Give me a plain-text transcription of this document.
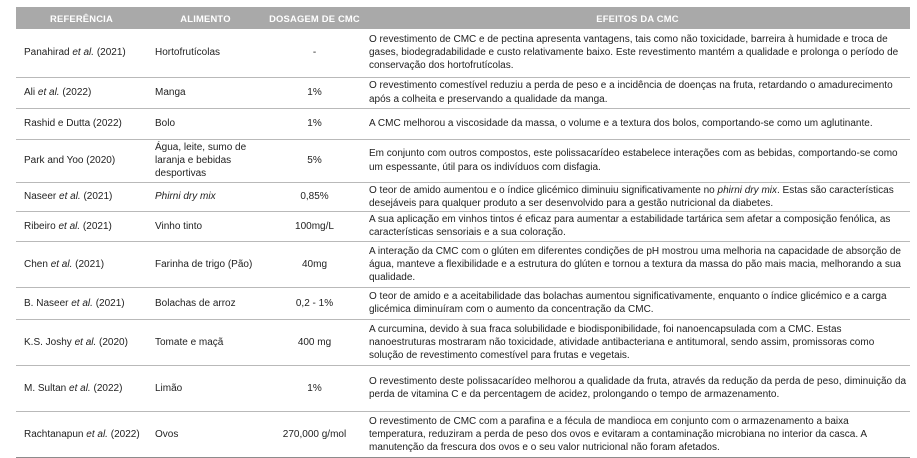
REFERÊNCIA	ALIMENTO	DOSAGEM DE CMC	EFEITOS DA CMC
Panahirad et al. (2021)	Hortofrutícolas	-	O revestimento de CMC e de pectina apresenta vantagens, tais como não toxicidade, barreira à humidade e troca de gases, biodegradabilidade e custo relativamente baixo. Este revestimento mantém a qualidade e prolonga o período de conservação dos hortofrutícolas.
Ali et al. (2022)	Manga	1%	O revestimento comestível reduziu a perda de peso e a incidência de doenças na fruta, retardando o amadurecimento após a colheita e preservando a qualidade da manga.
Rashid e Dutta (2022)	Bolo	1%	A CMC melhorou a viscosidade da massa, o volume e a textura dos bolos, comportando-se como um aglutinante.
Park and Yoo (2020)	Água, leite, sumo de laranja e bebidas desportivas	5%	Em conjunto com outros compostos, este polissacarídeo estabelece interações com as bebidas, comportando-se como um espessante, útil para os indivíduos com disfagia.
Naseer et al. (2021)	Phirni dry mix	0,85%	O teor de amido aumentou e o índice glicémico diminuiu significativamente no phirni dry mix. Estas são características desejáveis para qualquer produto a ser desenvolvido para a gestão nutricional da diabetes.
Ribeiro et al. (2021)	Vinho tinto	100mg/L	A sua aplicação em vinhos tintos é eficaz para aumentar a estabilidade tartárica sem afetar a composição fenólica, as características sensoriais e a sua coloração.
Chen et al. (2021)	Farinha de trigo (Pão)	40mg	A interação da CMC com o glúten em diferentes condições de pH mostrou uma melhoria na capacidade de absorção de água, manteve a flexibilidade e a estrutura do glúten e tornou a textura da massa do pão mais macia, melhorando a sua qualidade.
B. Naseer et al. (2021)	Bolachas de arroz	0,2 - 1%	O teor de amido e a aceitabilidade das bolachas aumentou significativamente, enquanto o índice glicémico e a carga glicémica diminuíram com o aumento da concentração da CMC.
K.S. Joshy et al. (2020)	Tomate e maçã	400 mg	A curcumina, devido à sua fraca solubilidade e biodisponibilidade, foi nanoencapsulada com a CMC. Estas nanoestruturas mostraram não toxicidade, atividade antibacteriana e antitumoral, sendo assim, promissoras como solução de revestimento comestível para frutas e vegetais.
M. Sultan et al. (2022)	Limão	1%	O revestimento deste polissacarídeo melhorou a qualidade da fruta, através da redução da perda de peso, diminuição da perda de vitamina C e da percentagem de acidez, prolongando o tempo de armazenamento.
Rachtanapun et al. (2022)	Ovos	270,000 g/mol	O revestimento de CMC com a parafina e a fécula de mandioca em conjunto com o armazenamento a baixa temperatura, reduziram a perda de peso dos ovos e evitaram a contaminação microbiana no interior da casca. A manutenção da frescura dos ovos e o seu valor nutricional não foram afetados.
